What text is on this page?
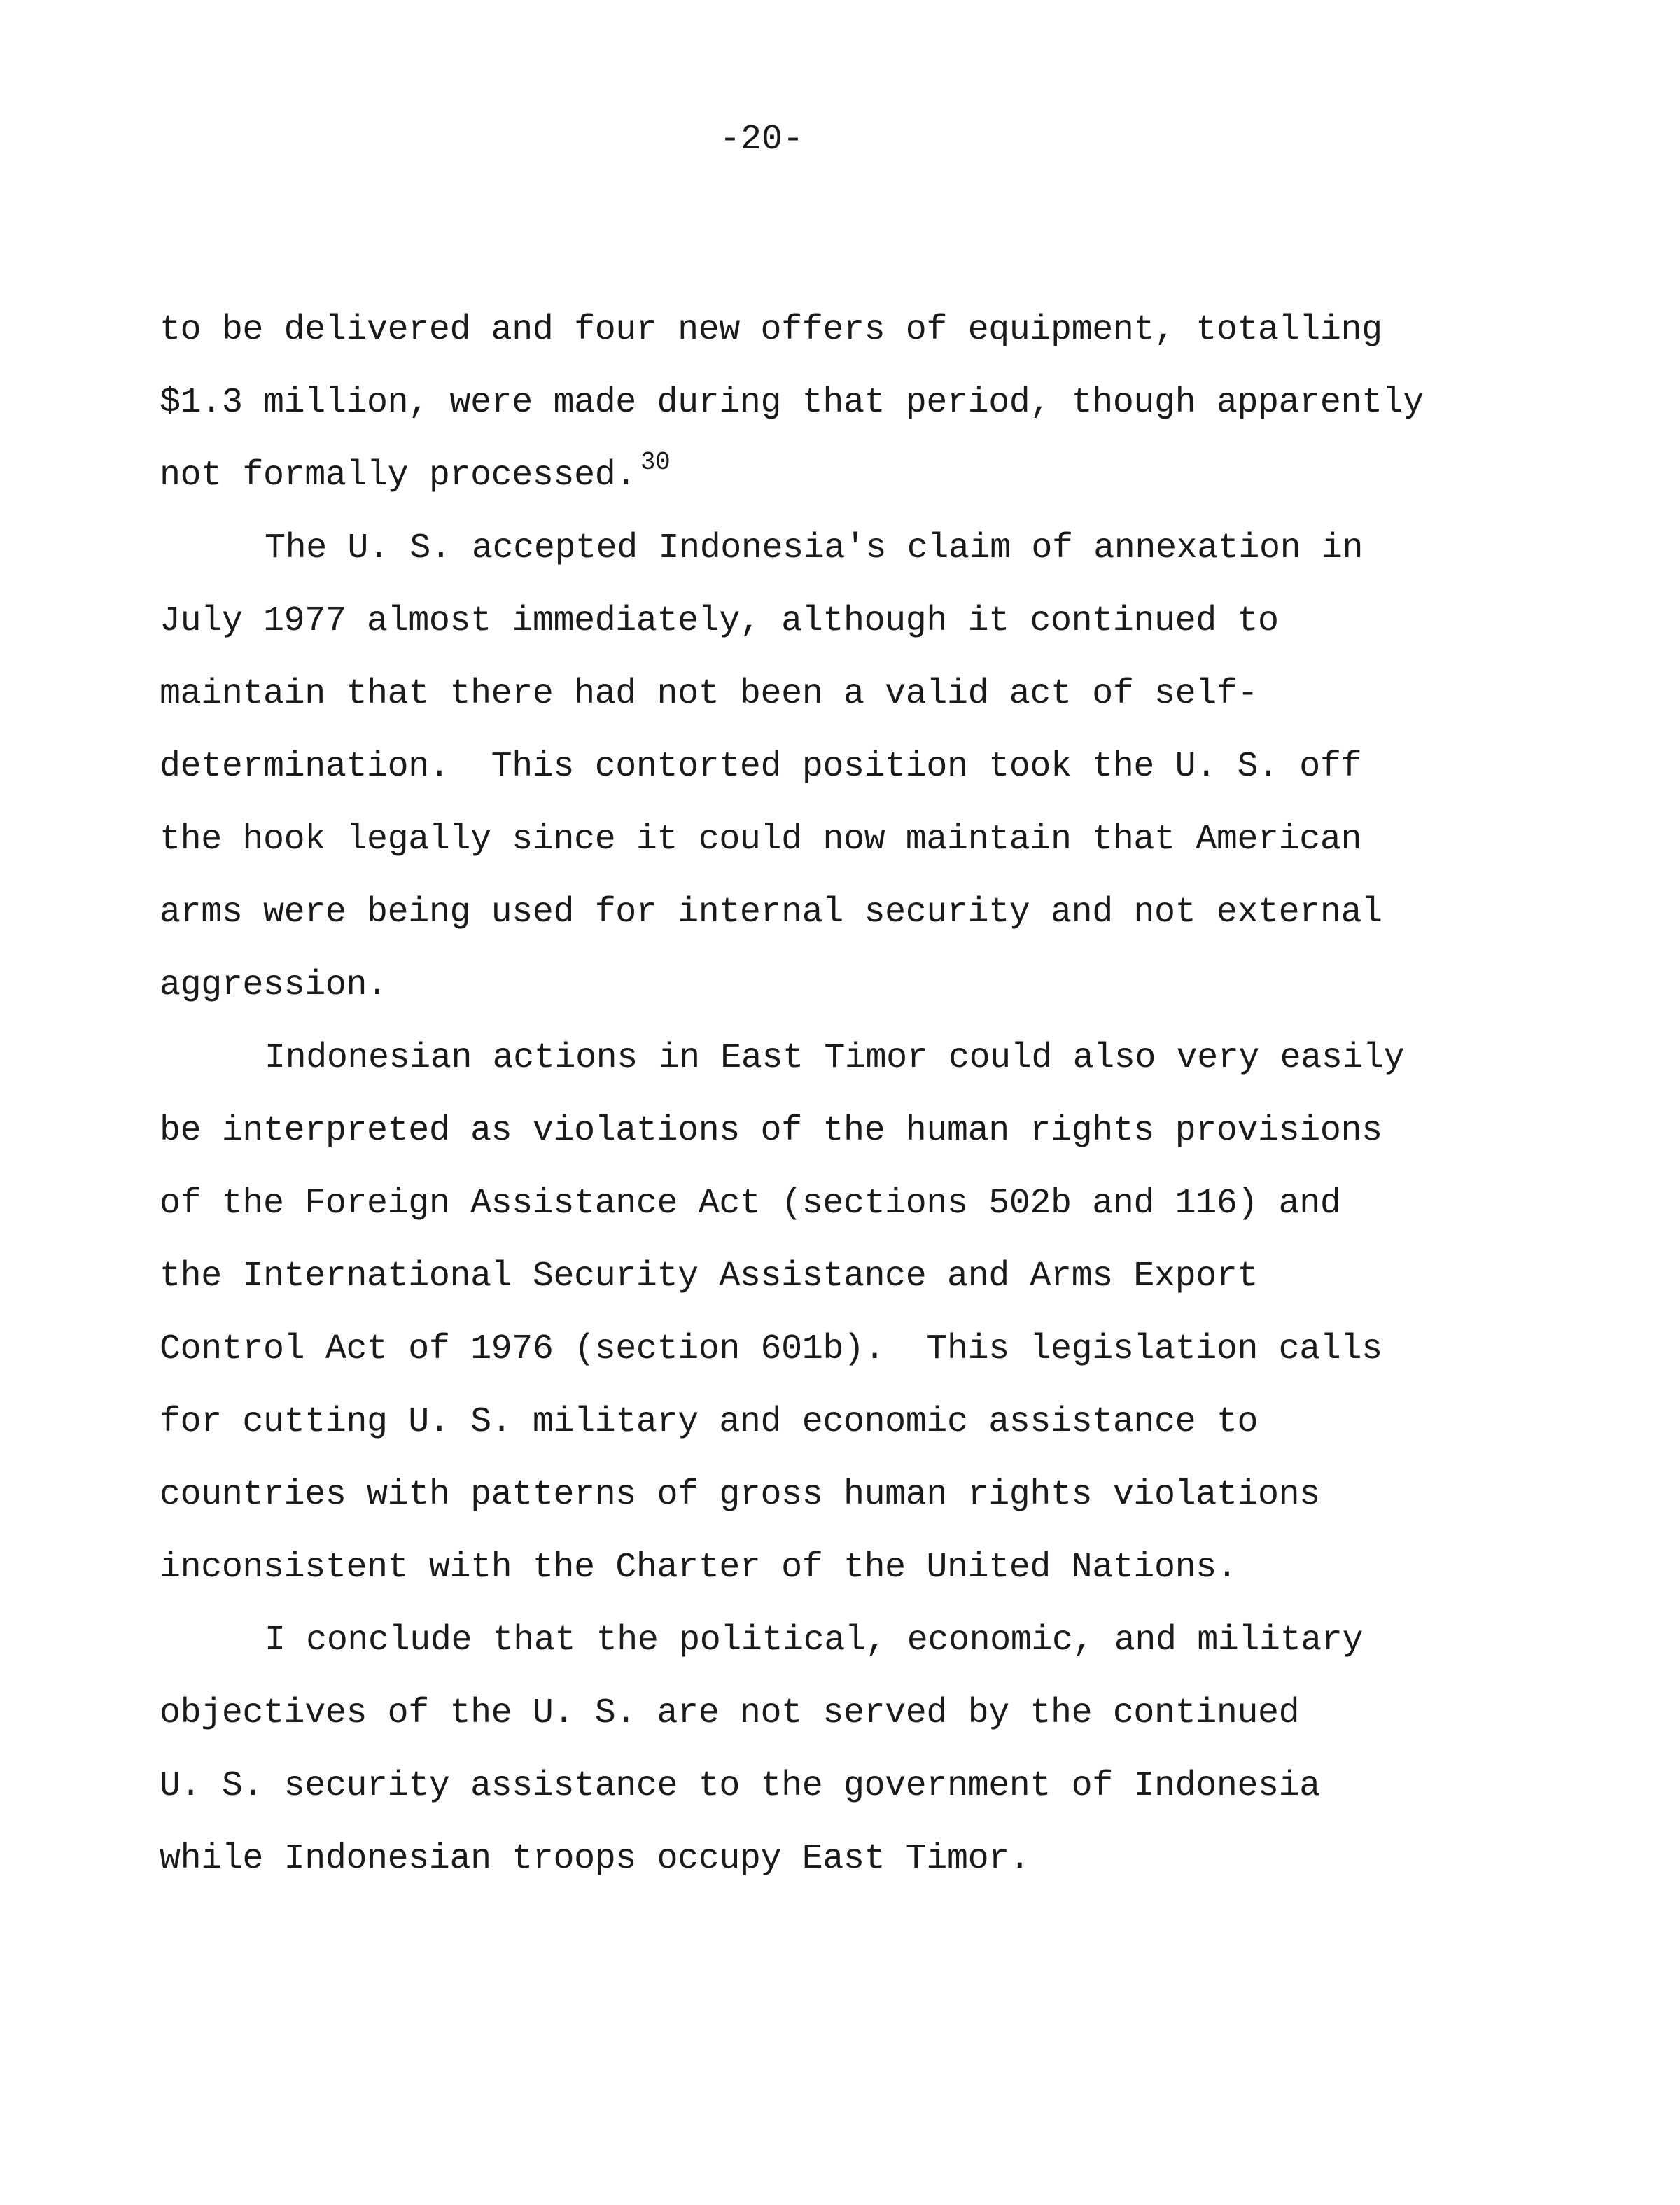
-20-
to be delivered and four new offers of equipment, totalling
$1.3 million, were made during that period, though apparently
not formally processed. $^{30}$
The U. S. accepted Indonesia's claim of annexation in
July 1977 almost immediately, although it continued to
maintain that there had not been a valid act of self-
determination.  This contorted position took the U. S. off
the hook legally since it could now maintain that American
arms were being used for internal security and not external
aggression.
Indonesian actions in East Timor could also very easily
be interpreted as violations of the human rights provisions
of the Foreign Assistance Act (sections 502b and 116) and
the International Security Assistance and Arms Export
Control Act of 1976 (section 601b).  This legislation calls
for cutting U. S. military and economic assistance to
countries with patterns of gross human rights violations
inconsistent with the Charter of the United Nations.
I conclude that the political, economic, and military
objectives of the U. S. are not served by the continued
U. S. security assistance to the government of Indonesia
while Indonesian troops occupy East Timor.
